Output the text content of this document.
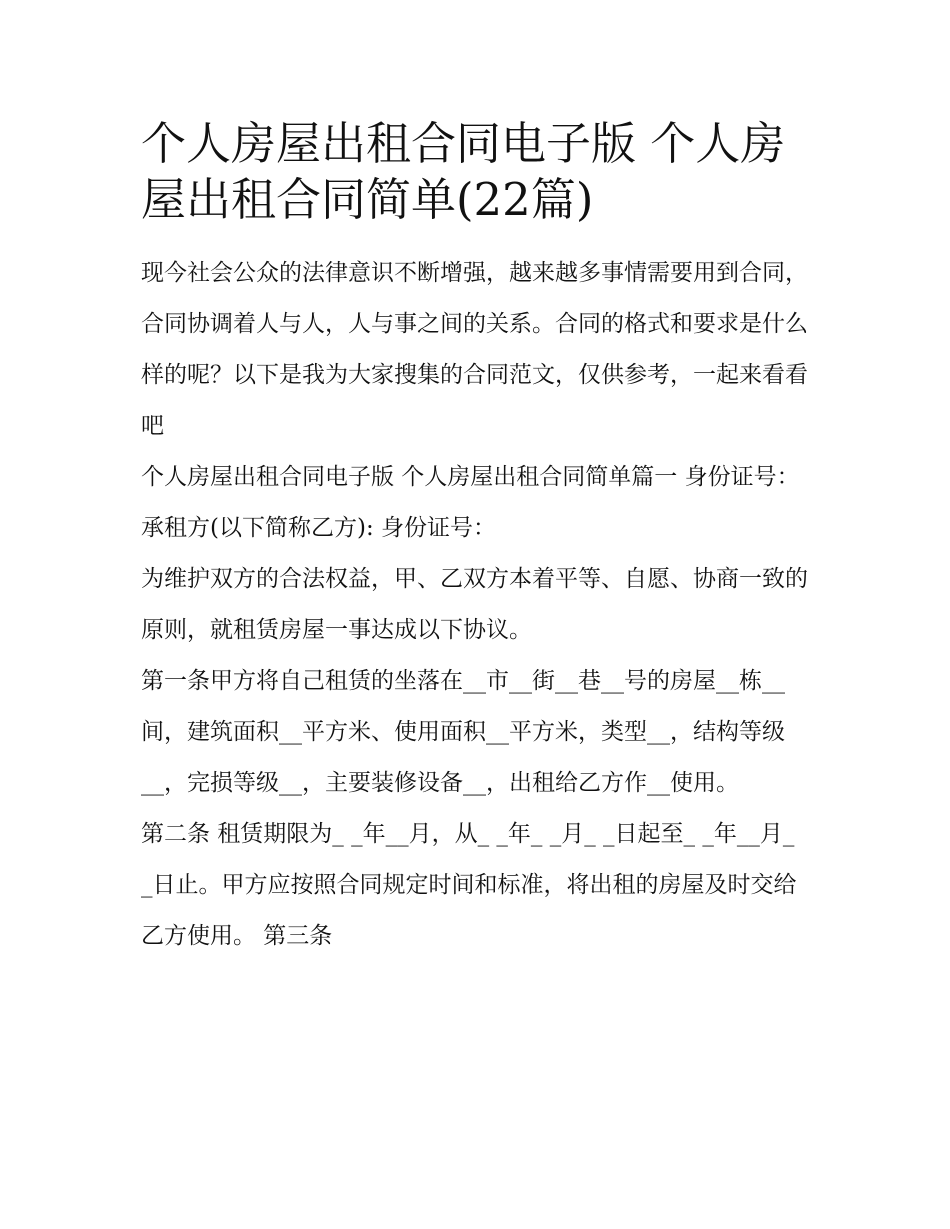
个人房屋出租合同电子版 个人房屋出租合同简单(22篇)

现今社会公众的法律意识不断增强，越来越多事情需要用到合同，合同协调着人与人，人与事之间的关系。合同的格式和要求是什么样的呢？以下是我为大家搜集的合同范文，仅供参考，一起来看看吧

个人房屋出租合同电子版 个人房屋出租合同简单篇一 身份证号： 承租方(以下简称乙方): 身份证号：

为维护双方的合法权益，甲、乙双方本着平等、自愿、协商一致的原则，就租赁房屋一事达成以下协议。

第一条甲方将自己租赁的坐落在__市__街__巷__号的房屋__栋__间，建筑面积__平方米、使用面积__平方米，类型__，结构等级__，完损等级__，主要装修设备__，出租给乙方作__使用。

第二条 租赁期限为_ _年__月，从_ _年_ _月_ _日起至_ _年__月_

_日止。甲方应按照合同规定时间和标准，将出租的房屋及时交给乙方使用。 第三条
